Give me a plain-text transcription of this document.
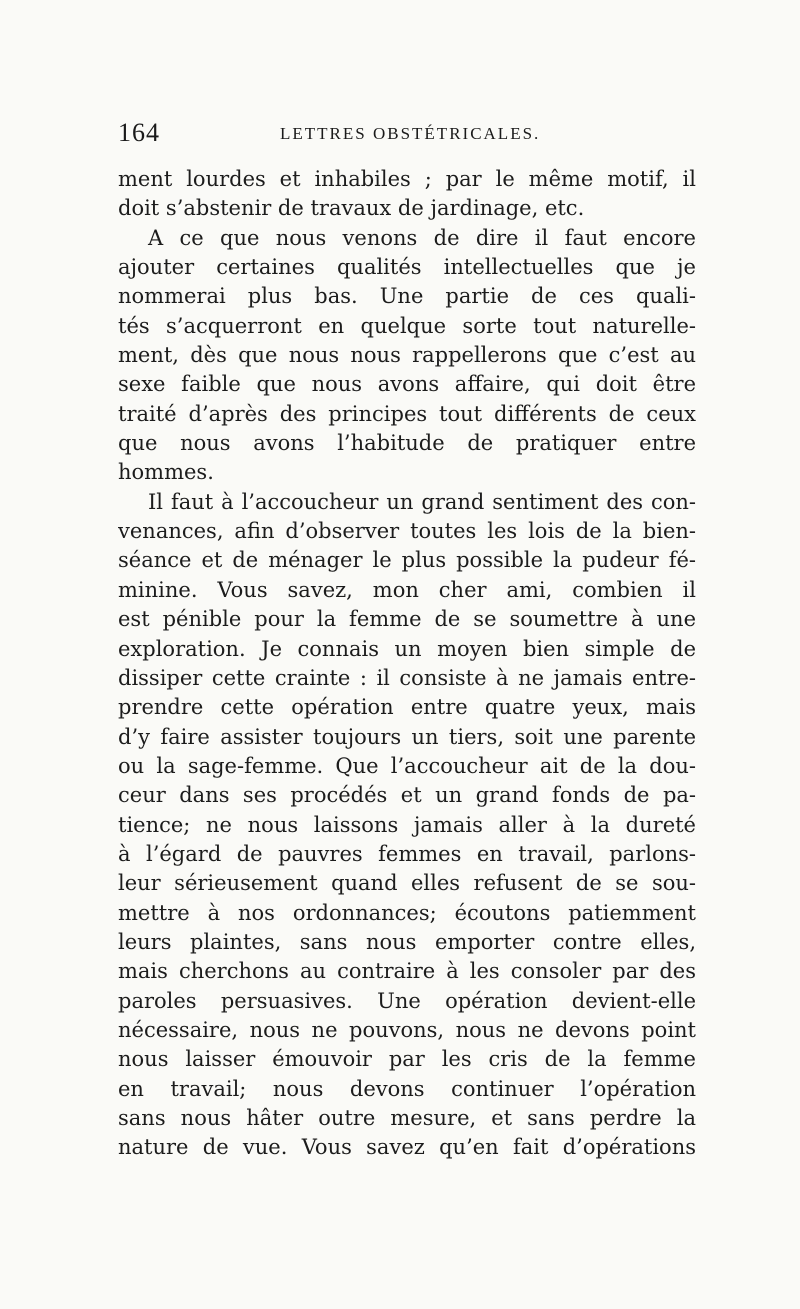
164	LETTRES OBSTÉTRICALES.
ment lourdes et inhabiles ; par le même motif, il
doit s’abstenir de travaux de jardinage, etc.
A ce que nous venons de dire il faut encore
ajouter certaines qualités intellectuelles que je
nommerai plus bas. Une partie de ces quali-
tés s’acquerront en quelque sorte tout naturelle-
ment, dès que nous nous rappellerons que c’est au
sexe faible que nous avons affaire, qui doit être
traité d’après des principes tout différents de ceux
que nous avons l’habitude de pratiquer entre
hommes.
Il faut à l’accoucheur un grand sentiment des con-
venances, afin d’observer toutes les lois de la bien-
séance et de ménager le plus possible la pudeur fé-
minine. Vous savez, mon cher ami, combien il
est pénible pour la femme de se soumettre à une
exploration. Je connais un moyen bien simple de
dissiper cette crainte : il consiste à ne jamais entre-
prendre cette opération entre quatre yeux, mais
d’y faire assister toujours un tiers, soit une parente
ou la sage-femme. Que l’accoucheur ait de la dou-
ceur dans ses procédés et un grand fonds de pa-
tience; ne nous laissons jamais aller à la dureté
à l’égard de pauvres femmes en travail, parlons-
leur sérieusement quand elles refusent de se sou-
mettre à nos ordonnances; écoutons patiemment
leurs plaintes, sans nous emporter contre elles,
mais cherchons au contraire à les consoler par des
paroles persuasives. Une opération devient-elle
nécessaire, nous ne pouvons, nous ne devons point
nous laisser émouvoir par les cris de la femme
en travail; nous devons continuer l’opération
sans nous hâter outre mesure, et sans perdre la
nature de vue. Vous savez qu’en fait d’opérations
